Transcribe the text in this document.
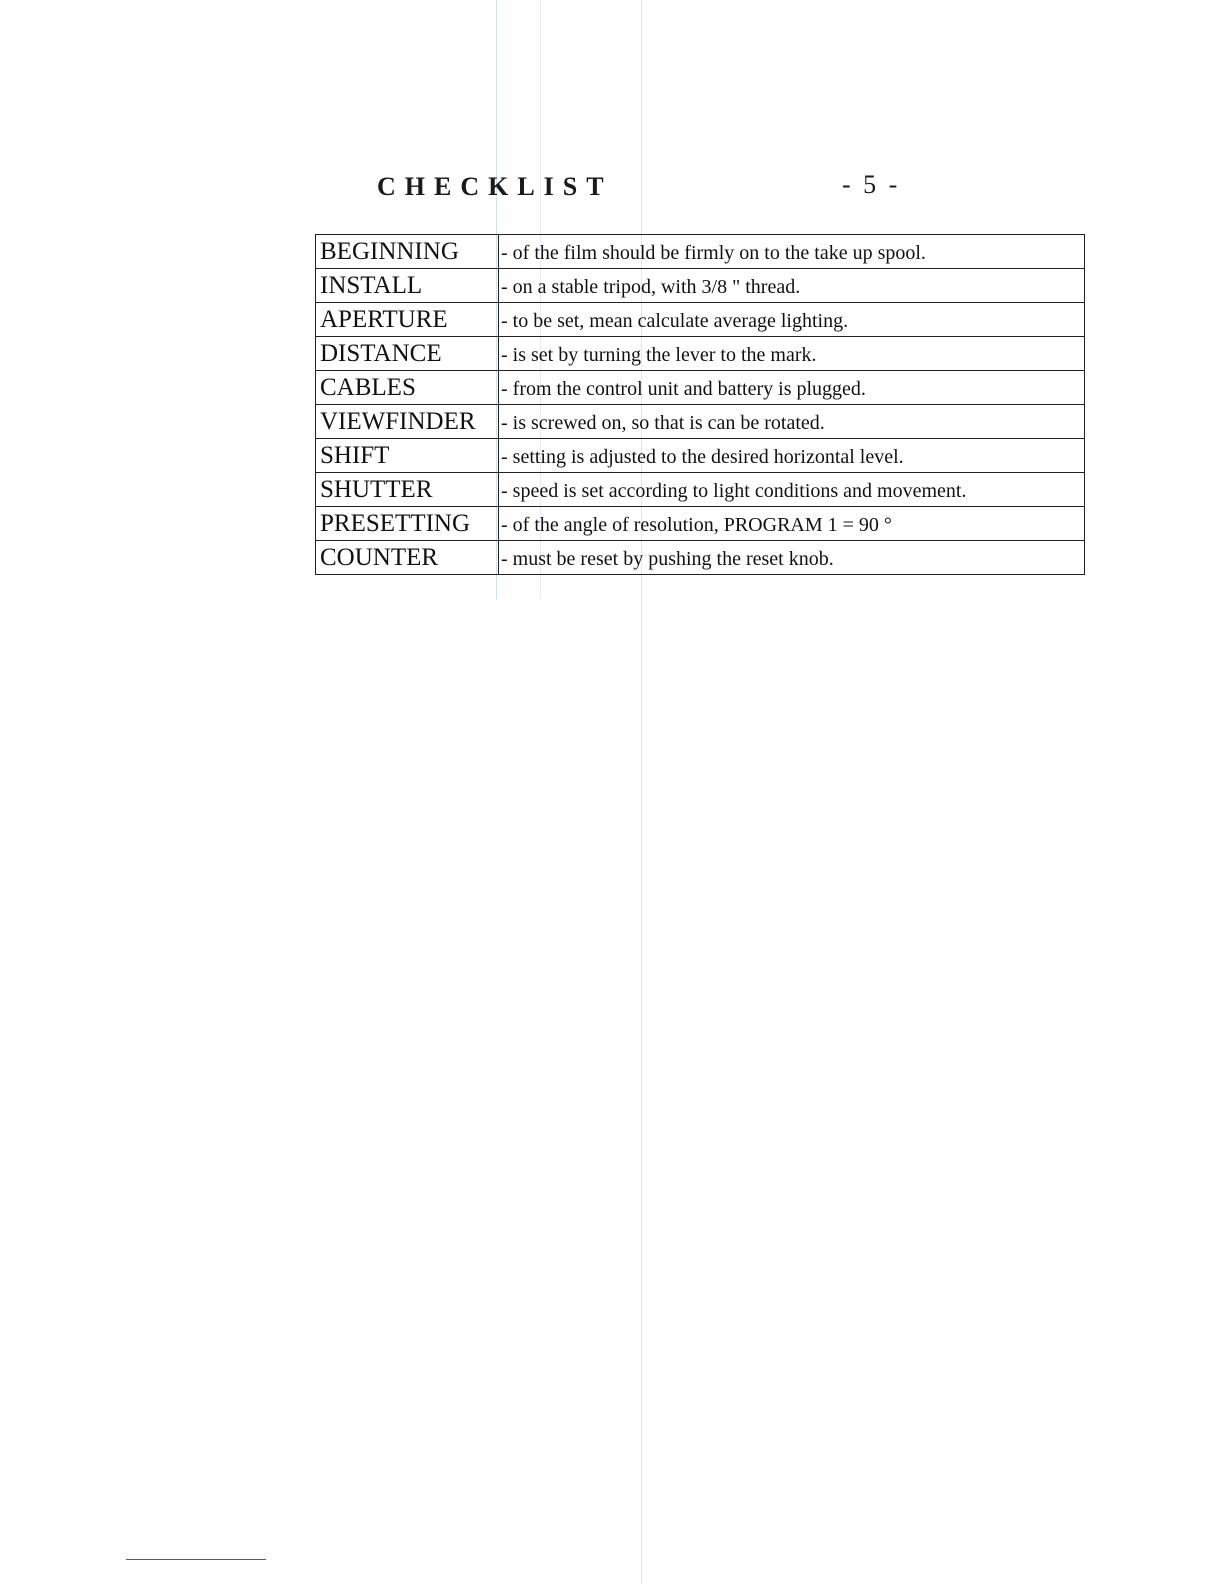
CHECKLIST	- 5 -
BEGINNING	- of the film should be firmly on to the take up spool.
INSTALL	- on a stable tripod, with 3/8 " thread.
APERTURE	- to be set, mean calculate average lighting.
DISTANCE	- is set by turning the lever to the mark.
CABLES	- from the control unit and battery is plugged.
VIEWFINDER	- is screwed on, so that is can be rotated.
SHIFT	- setting is adjusted to the desired horizontal level.
SHUTTER	- speed is set according to light conditions and movement.
PRESETTING	- of the angle of resolution, PROGRAM 1 = 90 °
COUNTER	- must be reset by pushing the reset knob.
